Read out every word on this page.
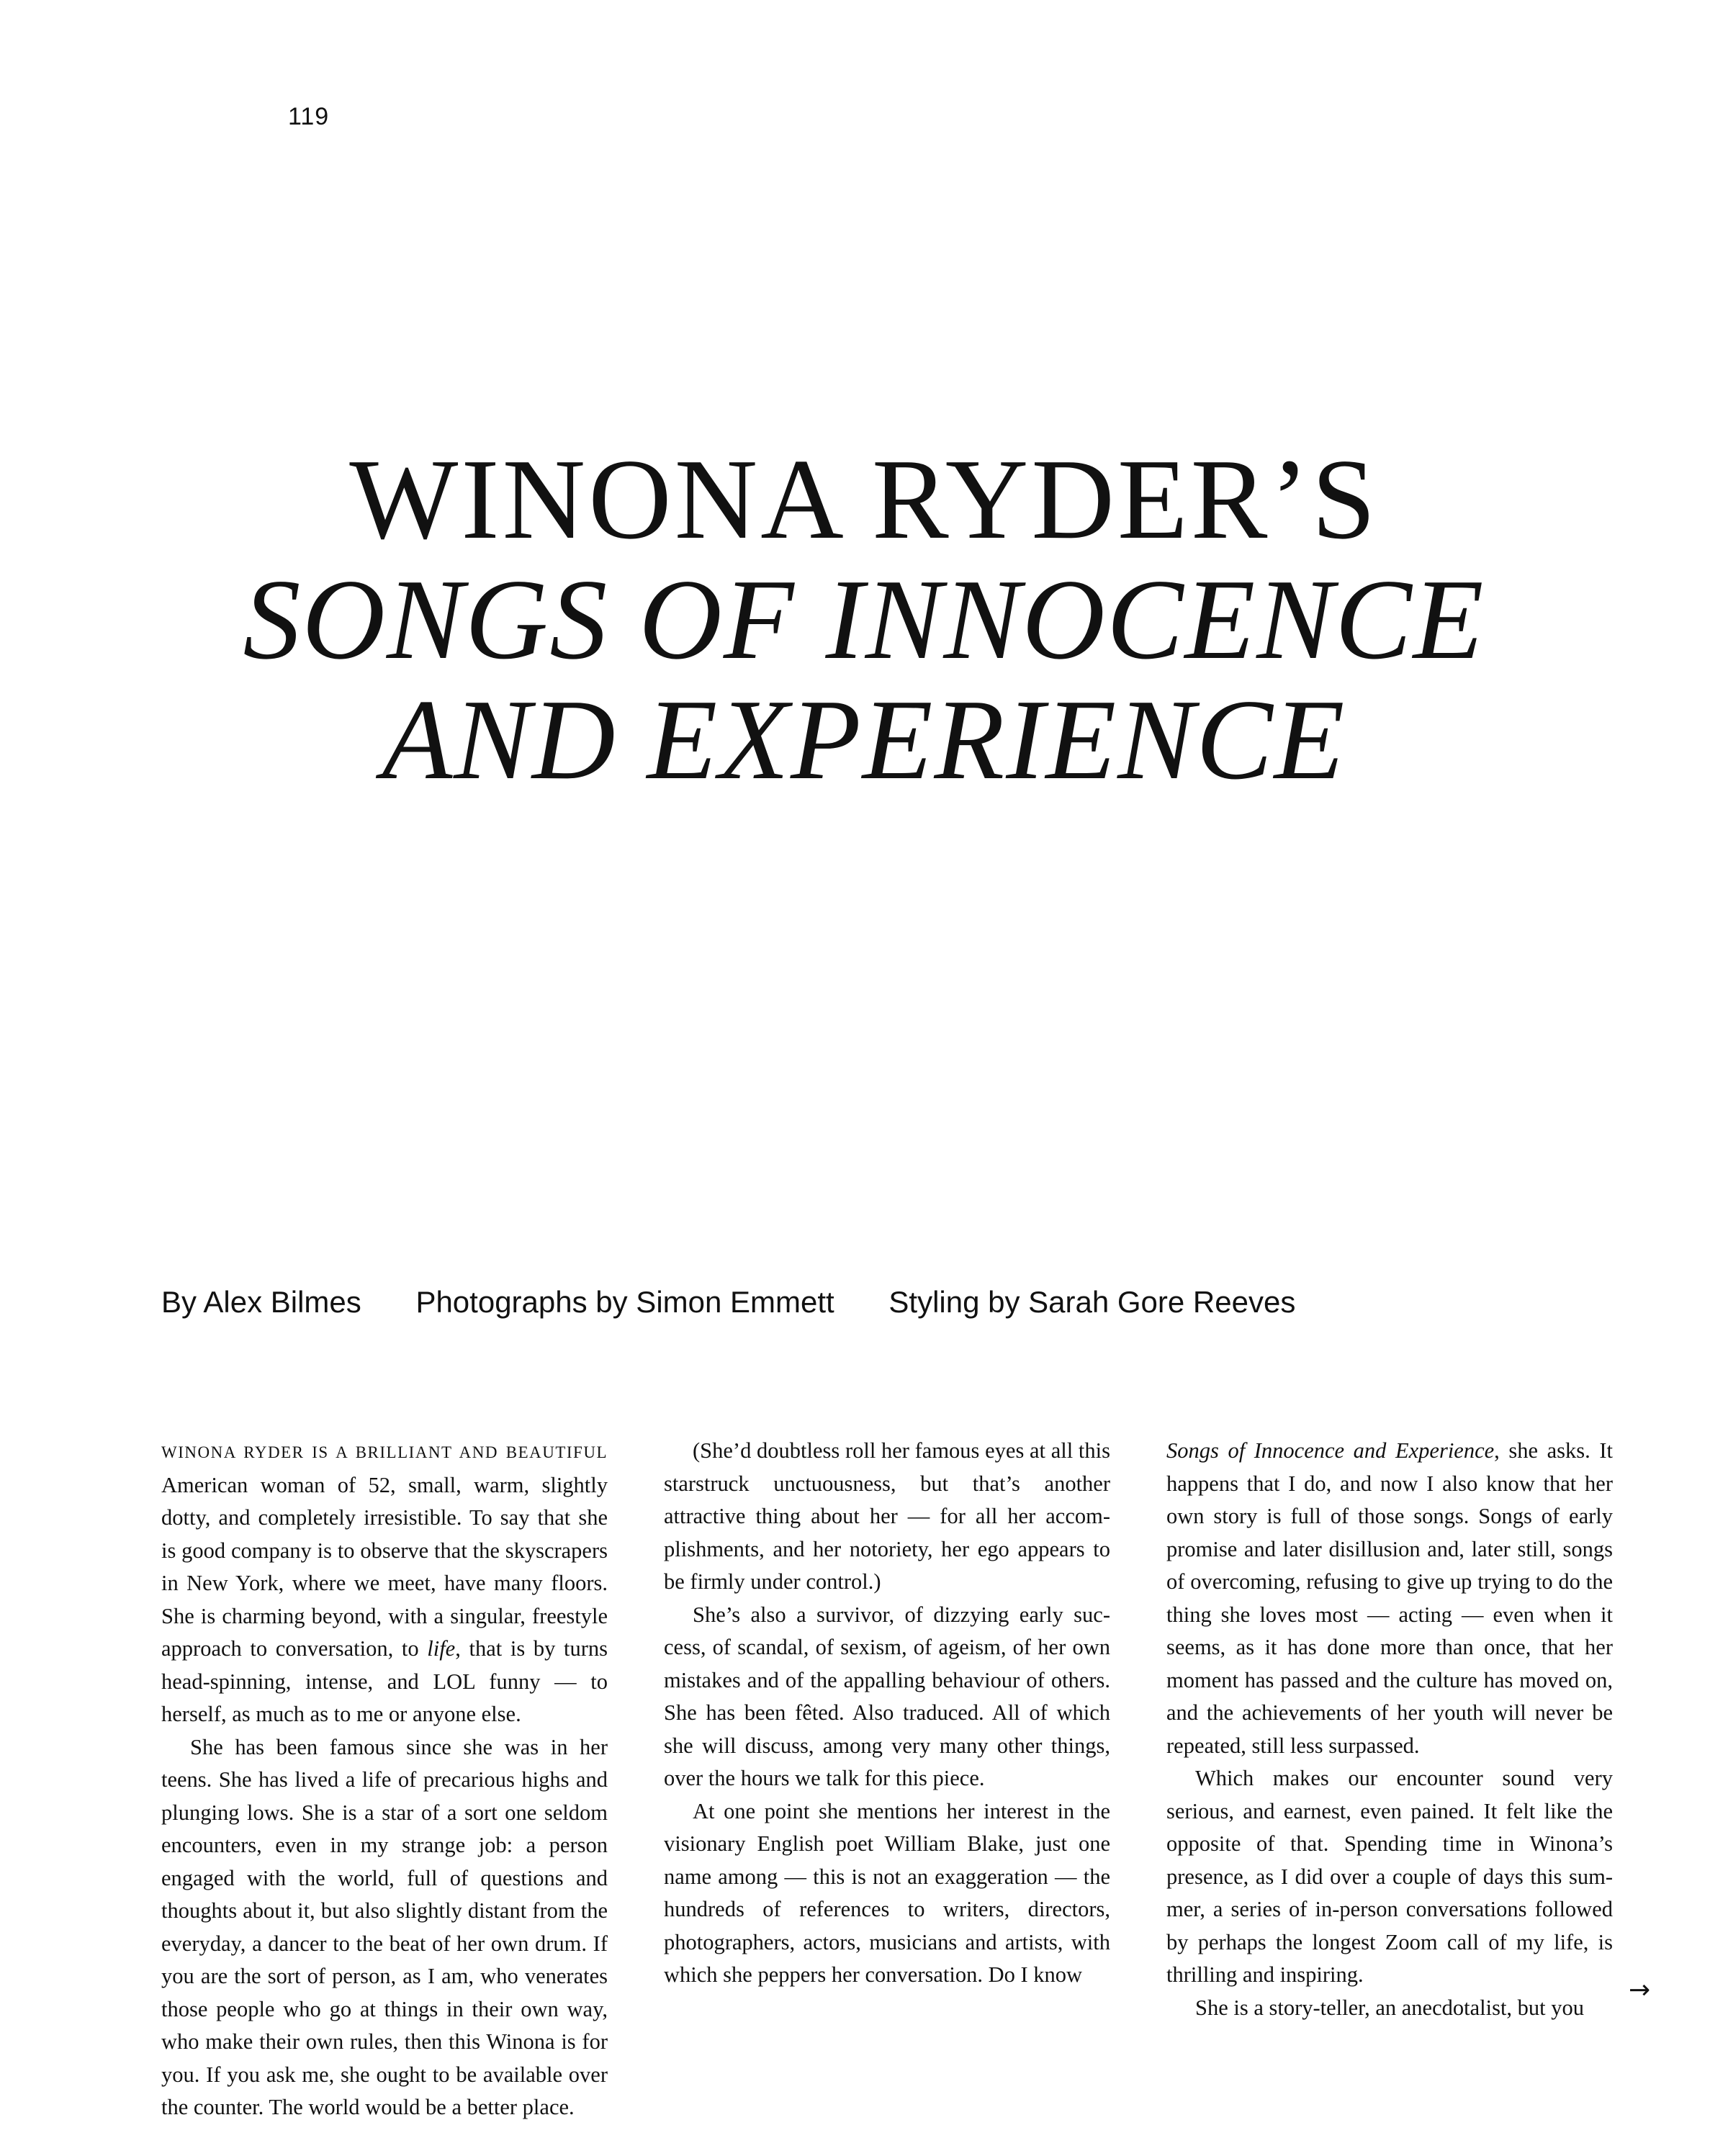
119
WINONA RYDER’S
SONGS OF INNOCENCE
AND EXPERIENCE
By Alex Bilmes Photographs by Simon Emmett Styling by Sarah Gore Reeves

WINONA RYDER IS A BRILLIANT AND BEAUTIFUL American woman of 52, small, warm, slightly dotty, and completely irresistible. To say that she is good company is to observe that the skyscrapers in New York, where we meet, have many floors. She is charming beyond, with a singular, freestyle approach to conversation, to life, that is by turns head-spinning, intense, and LOL funny — to herself, as much as to me or anyone else.

She has been famous since she was in her teens. She has lived a life of precarious highs and plunging lows. She is a star of a sort one seldom encounters, even in my strange job: a person engaged with the world, full of questions and thoughts about it, but also slightly distant from the everyday, a dancer to the beat of her own drum. If you are the sort of person, as I am, who venerates those people who go at things in their own way, who make their own rules, then this Winona is for you. If you ask me, she ought to be available over the counter. The world would be a better place.

(She’d doubtless roll her famous eyes at all this starstruck unctuousness, but that’s another attractive thing about her — for all her accomplishments, and her notoriety, her ego appears to be firmly under control.)

She’s also a survivor, of dizzying early success, of scandal, of sexism, of ageism, of her own mistakes and of the appalling behaviour of others. She has been fêted. Also traduced. All of which she will discuss, among very many other things, over the hours we talk for this piece.

At one point she mentions her interest in the visionary English poet William Blake, just one name among — this is not an exaggeration — the hundreds of references to writers, directors, photographers, actors, musicians and artists, with which she peppers her conversation. Do I know

Songs of Innocence and Experience, she asks. It happens that I do, and now I also know that her own story is full of those songs. Songs of early promise and later disillusion and, later still, songs of overcoming, refusing to give up trying to do the thing she loves most — acting — even when it seems, as it has done more than once, that her moment has passed and the culture has moved on, and the achievements of her youth will never be repeated, still less surpassed.

Which makes our encounter sound very serious, and earnest, even pained. It felt like the opposite of that. Spending time in Winona’s presence, as I did over a couple of days this summer, a series of in-person conversations followed by perhaps the longest Zoom call of my life, is thrilling and inspiring.

She is a story-teller, an anecdotalist, but you

→
